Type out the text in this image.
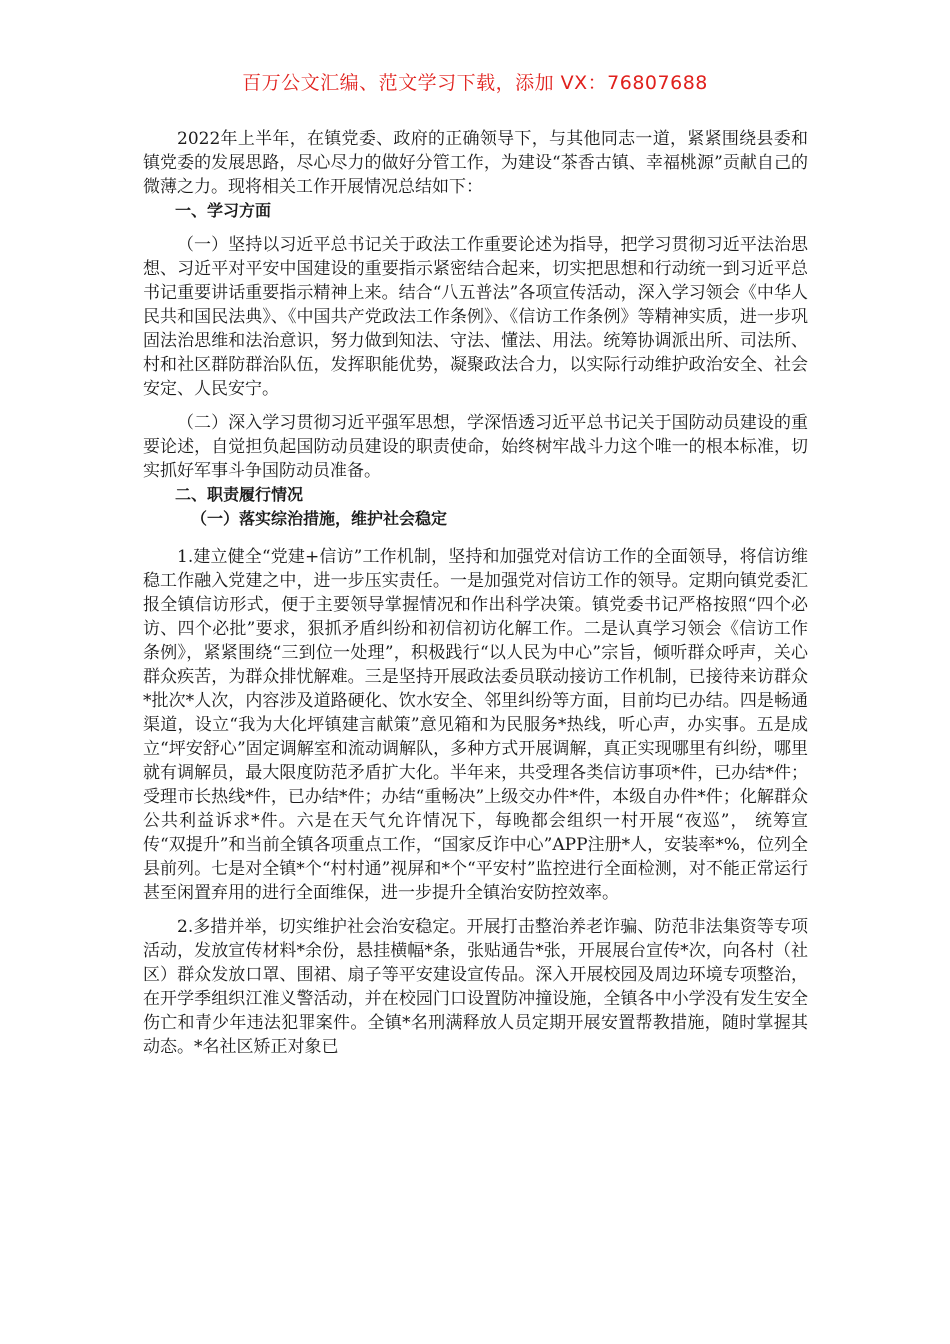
百万公文汇编、范文学习下载，添加 VX：76807688

2022年上半年，在镇党委、政府的正确领导下，与其他同志一道，紧紧围绕县委和镇党委的发展思路，尽心尽力的做好分管工作，为建设“茶香古镇、幸福桃源”贡献自己的微薄之力。现将相关工作开展情况总结如下：

一、学习方面

（一）坚持以习近平总书记关于政法工作重要论述为指导，把学习贯彻习近平法治思想、习近平对平安中国建设的重要指示紧密结合起来，切实把思想和行动统一到习近平总书记重要讲话重要指示精神上来。结合“八五普法”各项宣传活动，深入学习领会《中华人民共和国民法典》、《中国共产党政法工作条例》、《信访工作条例》等精神实质，进一步巩固法治思维和法治意识，努力做到知法、守法、懂法、用法。统筹协调派出所、司法所、村和社区群防群治队伍，发挥职能优势，凝聚政法合力，以实际行动维护政治安全、社会安定、人民安宁。

（二）深入学习贯彻习近平强军思想，学深悟透习近平总书记关于国防动员建设的重要论述，自觉担负起国防动员建设的职责使命，始终树牢战斗力这个唯一的根本标准，切实抓好军事斗争国防动员准备。

二、职责履行情况

（一）落实综治措施，维护社会稳定

1.建立健全“党建+信访”工作机制，坚持和加强党对信访工作的全面领导，将信访维稳工作融入党建之中，进一步压实责任。一是加强党对信访工作的领导。定期向镇党委汇报全镇信访形式，便于主要领导掌握情况和作出科学决策。镇党委书记严格按照“四个必访、四个必批”要求，狠抓矛盾纠纷和初信初访化解工作。二是认真学习领会《信访工作条例》，紧紧围绕“三到位一处理”，积极践行“以人民为中心”宗旨，倾听群众呼声，关心群众疾苦，为群众排忧解难。三是坚持开展政法委员联动接访工作机制，已接待来访群众*批次*人次，内容涉及道路硬化、饮水安全、邻里纠纷等方面，目前均已办结。四是畅通渠道，设立“我为大化坪镇建言献策”意见箱和为民服务*热线，听心声，办实事。五是成立“坪安舒心”固定调解室和流动调解队，多种方式开展调解，真正实现哪里有纠纷，哪里就有调解员，最大限度防范矛盾扩大化。半年来，共受理各类信访事项*件，已办结*件；受理市长热线*件，已办结*件；办结“重畅决”上级交办件*件，本级自办件*件；化解群众公共利益诉求*件。六是在天气允许情况下，每晚都会组织一村开展“夜巡”， 统筹宣传“双提升”和当前全镇各项重点工作，“国家反诈中心”APP注册*人，安装率*%，位列全县前列。七是对全镇*个“村村通”视屏和*个“平安村”监控进行全面检测，对不能正常运行甚至闲置弃用的进行全面维保，进一步提升全镇治安防控效率。

2.多措并举，切实维护社会治安稳定。开展打击整治养老诈骗、防范非法集资等专项活动，发放宣传材料*余份，悬挂横幅*条，张贴通告*张，开展展台宣传*次，向各村（社区）群众发放口罩、围裙、扇子等平安建设宣传品。深入开展校园及周边环境专项整治，在开学季组织江淮义警活动，并在校园门口设置防冲撞设施，全镇各中小学没有发生安全伤亡和青少年违法犯罪案件。全镇*名刑满释放人员定期开展安置帮教措施，随时掌握其动态。*名社区矫正对象已
